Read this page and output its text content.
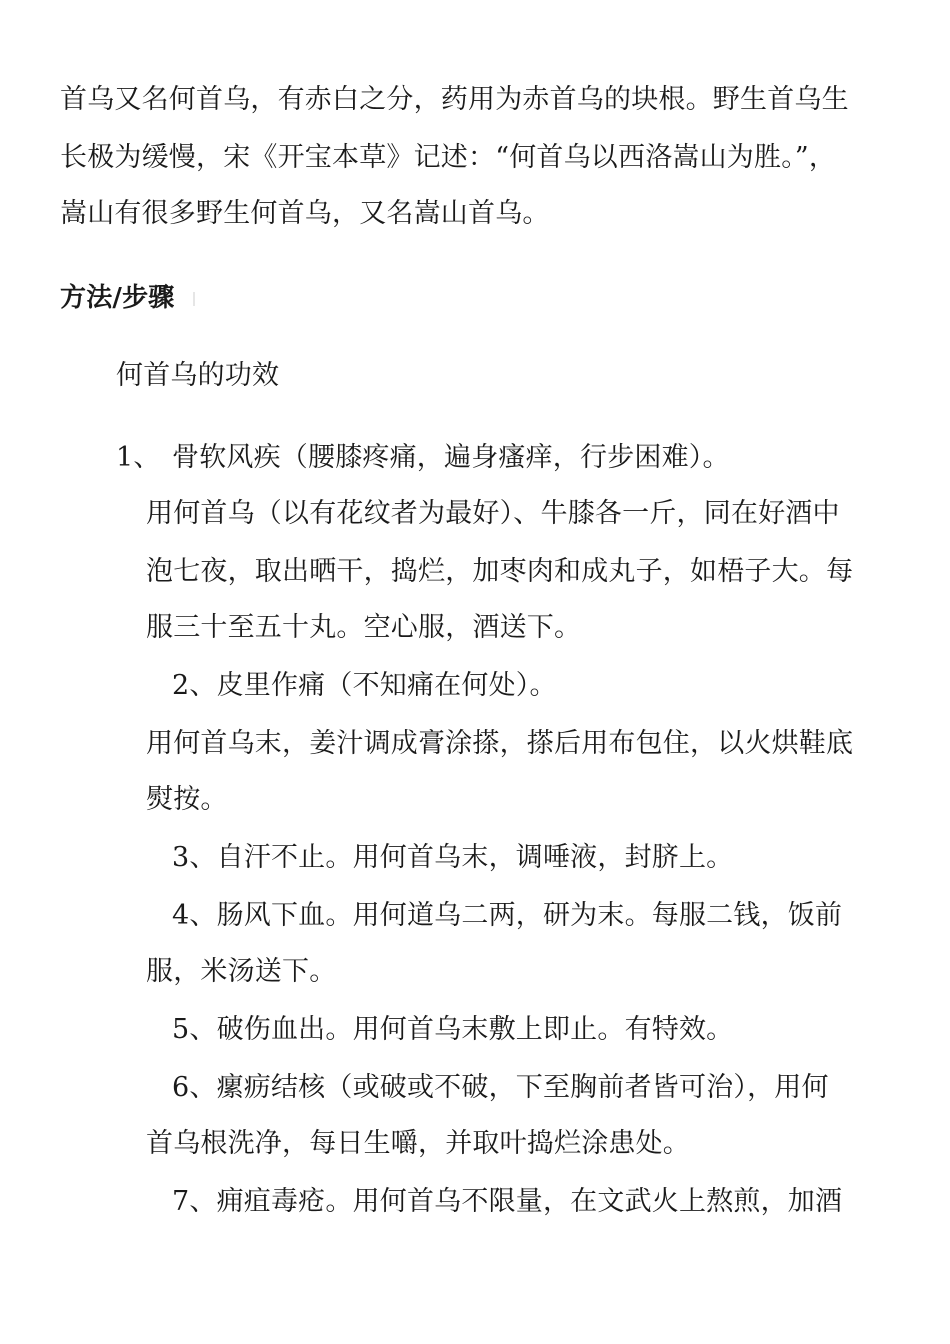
首乌又名何首乌，有赤白之分，药用为赤首乌的块根。野生首乌生
长极为缓慢，宋《开宝本草》记述：“何首乌以西洛嵩山为胜。”，
嵩山有很多野生何首乌，又名嵩山首乌。
方法/步骤
何首乌的功效
1、 骨软风疾（腰膝疼痛，遍身瘙痒，行步困难）。
用何首乌（以有花纹者为最好）、牛膝各一斤，同在好酒中
泡七夜，取出晒干，捣烂，加枣肉和成丸子，如梧子大。每
服三十至五十丸。空心服，酒送下。
2、皮里作痛（不知痛在何处）。
用何首乌末，姜汁调成膏涂搽，搽后用布包住，以火烘鞋底
熨按。
3、自汗不止。用何首乌末，调唾液，封脐上。
4、肠风下血。用何道乌二两，研为末。每服二钱，饭前
服，米汤送下。
5、破伤血出。用何首乌末敷上即止。有特效。
6、瘰疬结核（或破或不破，下至胸前者皆可治），用何
首乌根洗净，每日生嚼，并取叶捣烂涂患处。
7、痈疽毒疮。用何首乌不限量，在文武火上熬煎，加酒
